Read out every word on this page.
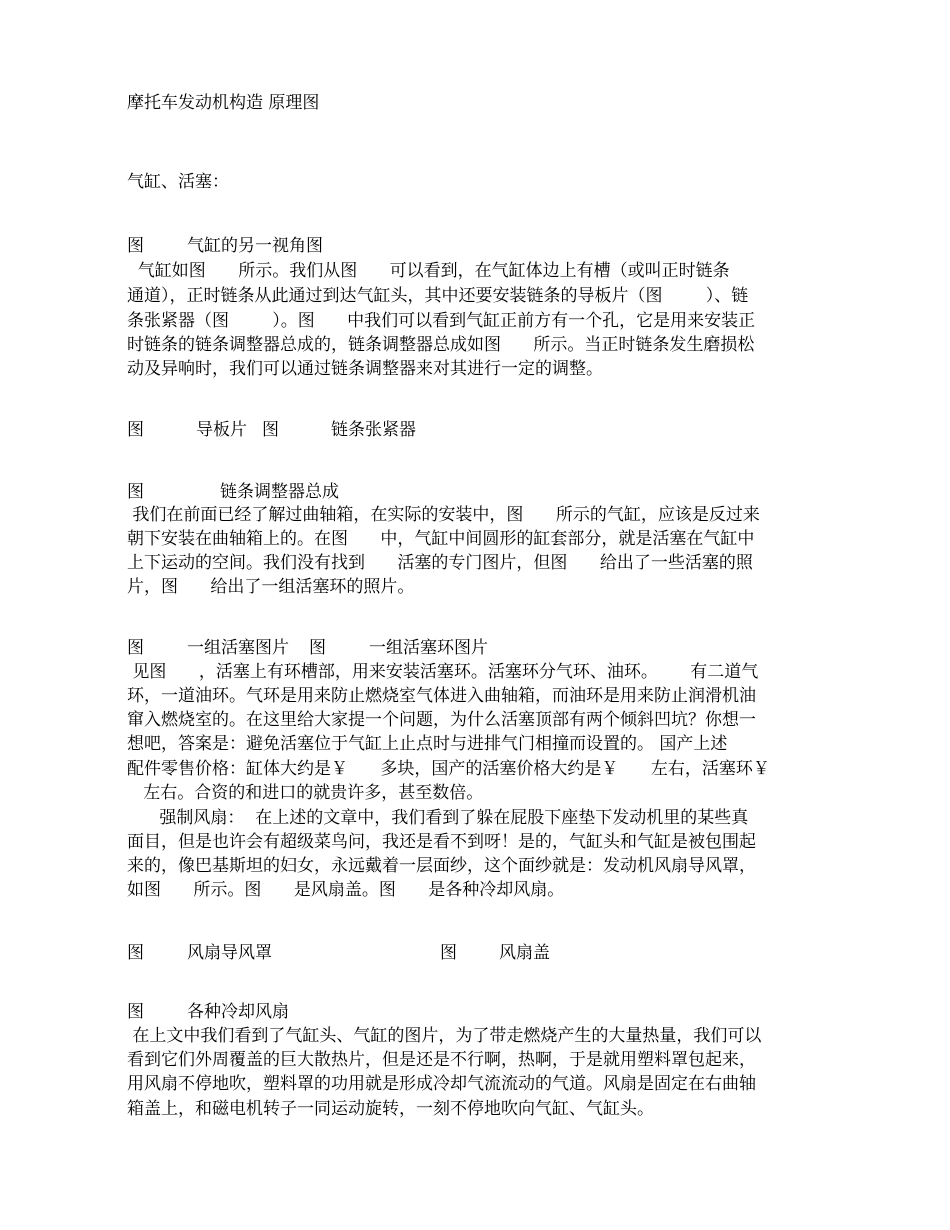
摩托车发动机构造 原理图
气缸、活塞：
图	气缸的另一视角图
气缸如图      所示。我们从图      可以看到，在气缸体边上有槽（或叫正时链条
通道），正时链条从此通过到达气缸头，其中还要安装链条的导板片（图        ）、链
条张紧器（图        ）。图      中我们可以看到气缸正前方有一个孔，它是用来安装正
时链条的链条调整器总成的，链条调整器总成如图      所示。当正时链条发生磨损松
动及异响时，我们可以通过链条调整器来对其进行一定的调整。
图	导板片 图	链条张紧器
图	链条调整器总成
我们在前面已经了解过曲轴箱，在实际的安装中，图      所示的气缸，应该是反过来
朝下安装在曲轴箱上的。在图      中，气缸中间圆形的缸套部分，就是活塞在气缸中
上下运动的空间。我们没有找到      活塞的专门图片，但图      给出了一些活塞的照
片，图      给出了一组活塞环的照片。
图	一组活塞图片 图	一组活塞环图片
见图      ，活塞上有环槽部，用来安装活塞环。活塞环分气环、油环。      有二道气
环，一道油环。气环是用来防止燃烧室气体进入曲轴箱，而油环是用来防止润滑机油
窜入燃烧室的。在这里给大家提一个问题，为什么活塞顶部有两个倾斜凹坑？你想一
想吧，答案是：避免活塞位于气缸上止点时与进排气门相撞而设置的。 国产上述
配件零售价格：缸体大约是￥      多块，国产的活塞价格大约是￥      左右，活塞环￥
左右。合资的和进口的就贵许多，甚至数倍。
强制风扇：  在上述的文章中，我们看到了躲在屁股下座垫下发动机里的某些真
面目，但是也许会有超级菜鸟问，我还是看不到呀！是的，气缸头和气缸是被包围起
来的，像巴基斯坦的妇女，永远戴着一层面纱，这个面纱就是：发动机风扇导风罩，
如图      所示。图      是风扇盖。图      是各种冷却风扇。
图	风扇导风罩	图 风扇盖
图	各种冷却风扇
在上文中我们看到了气缸头、气缸的图片，为了带走燃烧产生的大量热量，我们可以
看到它们外周覆盖的巨大散热片，但是还是不行啊，热啊，于是就用塑料罩包起来，
用风扇不停地吹，塑料罩的功用就是形成冷却气流流动的气道。风扇是固定在右曲轴
箱盖上，和磁电机转子一同运动旋转，一刻不停地吹向气缸、气缸头。
